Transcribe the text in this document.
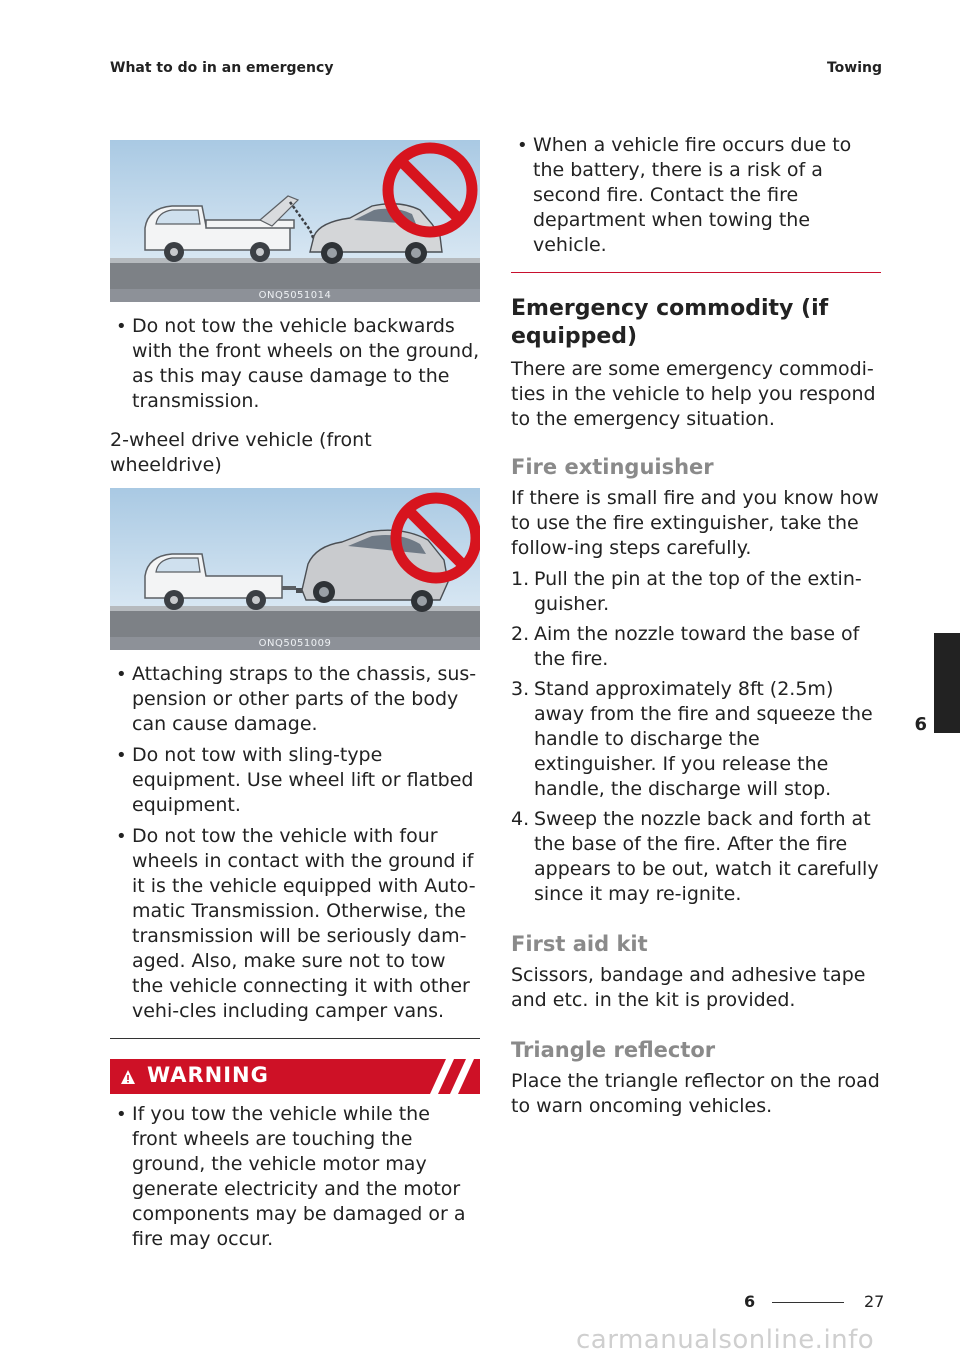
What to do in an emergency	Towing
6
ONQ5051014
• Do not tow the vehicle backwards with the front wheels on the ground, as this may cause damage to the transmission.

2-wheel drive vehicle (front wheeldrive)

ONQ5051009
• Attaching straps to the chassis, sus-pension or other parts of the body can cause damage.
• Do not tow with sling-type equipment. Use wheel lift or flatbed equipment.
• Do not tow the vehicle with four wheels in contact with the ground if it is the vehicle equipped with Auto-matic Transmission. Otherwise, the transmission will be seriously dam-aged. Also, make sure not to tow the vehicle connecting it with other vehi-cles including camper vans.
WARNING
• If you tow the vehicle while the front wheels are touching the ground, the vehicle motor may generate electricity and the motor components may be damaged or a fire may occur.
• When a vehicle fire occurs due to the battery, there is a risk of a second fire. Contact the fire department when towing the vehicle.
Emergency commodity (if equipped)

There are some emergency commodi-ties in the vehicle to help you respond to the emergency situation.

Fire extinguisher

If there is small fire and you know how to use the fire extinguisher, take the follow-ing steps carefully.

1. Pull the pin at the top of the extin-guisher.
2. Aim the nozzle toward the base of the fire.
3. Stand approximately 8ft (2.5m) away from the fire and squeeze the handle to discharge the extinguisher. If you release the handle, the discharge will stop.
4. Sweep the nozzle back and forth at the base of the fire. After the fire appears to be out, watch it carefully since it may re-ignite.
First aid kit

Scissors, bandage and adhesive tape and etc. in the kit is provided.

Triangle reflector

Place the triangle reflector on the road to warn oncoming vehicles.

6	27
carmanualsonline.info
